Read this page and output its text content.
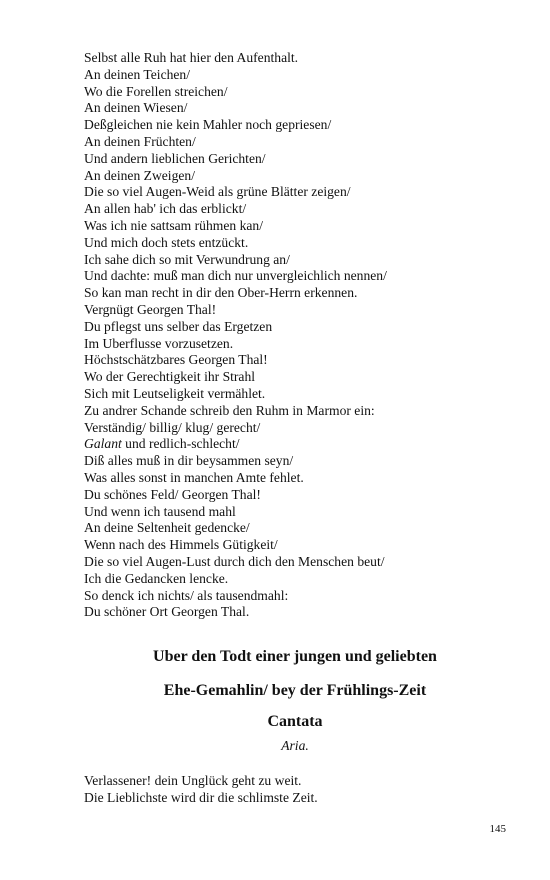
Selbst alle Ruh hat hier den Aufenthalt.
An deinen Teichen/
Wo die Forellen streichen/
An deinen Wiesen/
Deßgleichen nie kein Mahler noch gepriesen/
An deinen Früchten/
Und andern lieblichen Gerichten/
An deinen Zweigen/
Die so viel Augen-Weid als grüne Blätter zeigen/
An allen hab' ich das erblickt/
Was ich nie sattsam rühmen kan/
Und mich doch stets entzückt.
Ich sahe dich so mit Verwundrung an/
Und dachte: muß man dich nur unvergleichlich nennen/
So kan man recht in dir den Ober-Herrn erkennen.
Vergnügt Georgen Thal!
Du pflegst uns selber das Ergetzen
Im Uberflusse vorzusetzen.
Höchstschätzbares Georgen Thal!
Wo der Gerechtigkeit ihr Strahl
Sich mit Leutseligkeit vermählet.
Zu andrer Schande schreib den Ruhm in Marmor ein:
Verständig/ billig/ klug/ gerecht/
Galant und redlich-schlecht/
Diß alles muß in dir beysammen seyn/
Was alles sonst in manchen Amte fehlet.
Du schönes Feld/ Georgen Thal!
Und wenn ich tausend mahl
An deine Seltenheit gedencke/
Wenn nach des Himmels Gütigkeit/
Die so viel Augen-Lust durch dich den Menschen beut/
Ich die Gedancken lencke.
So denck ich nichts/ als tausendmahl:
Du schöner Ort Georgen Thal.
Uber den Todt einer jungen und geliebten
Ehe-Gemahlin/ bey der Frühlings-Zeit
Cantata
Aria.
Verlassener! dein Unglück geht zu weit.
Die Lieblichste wird dir die schlimste Zeit.
145
